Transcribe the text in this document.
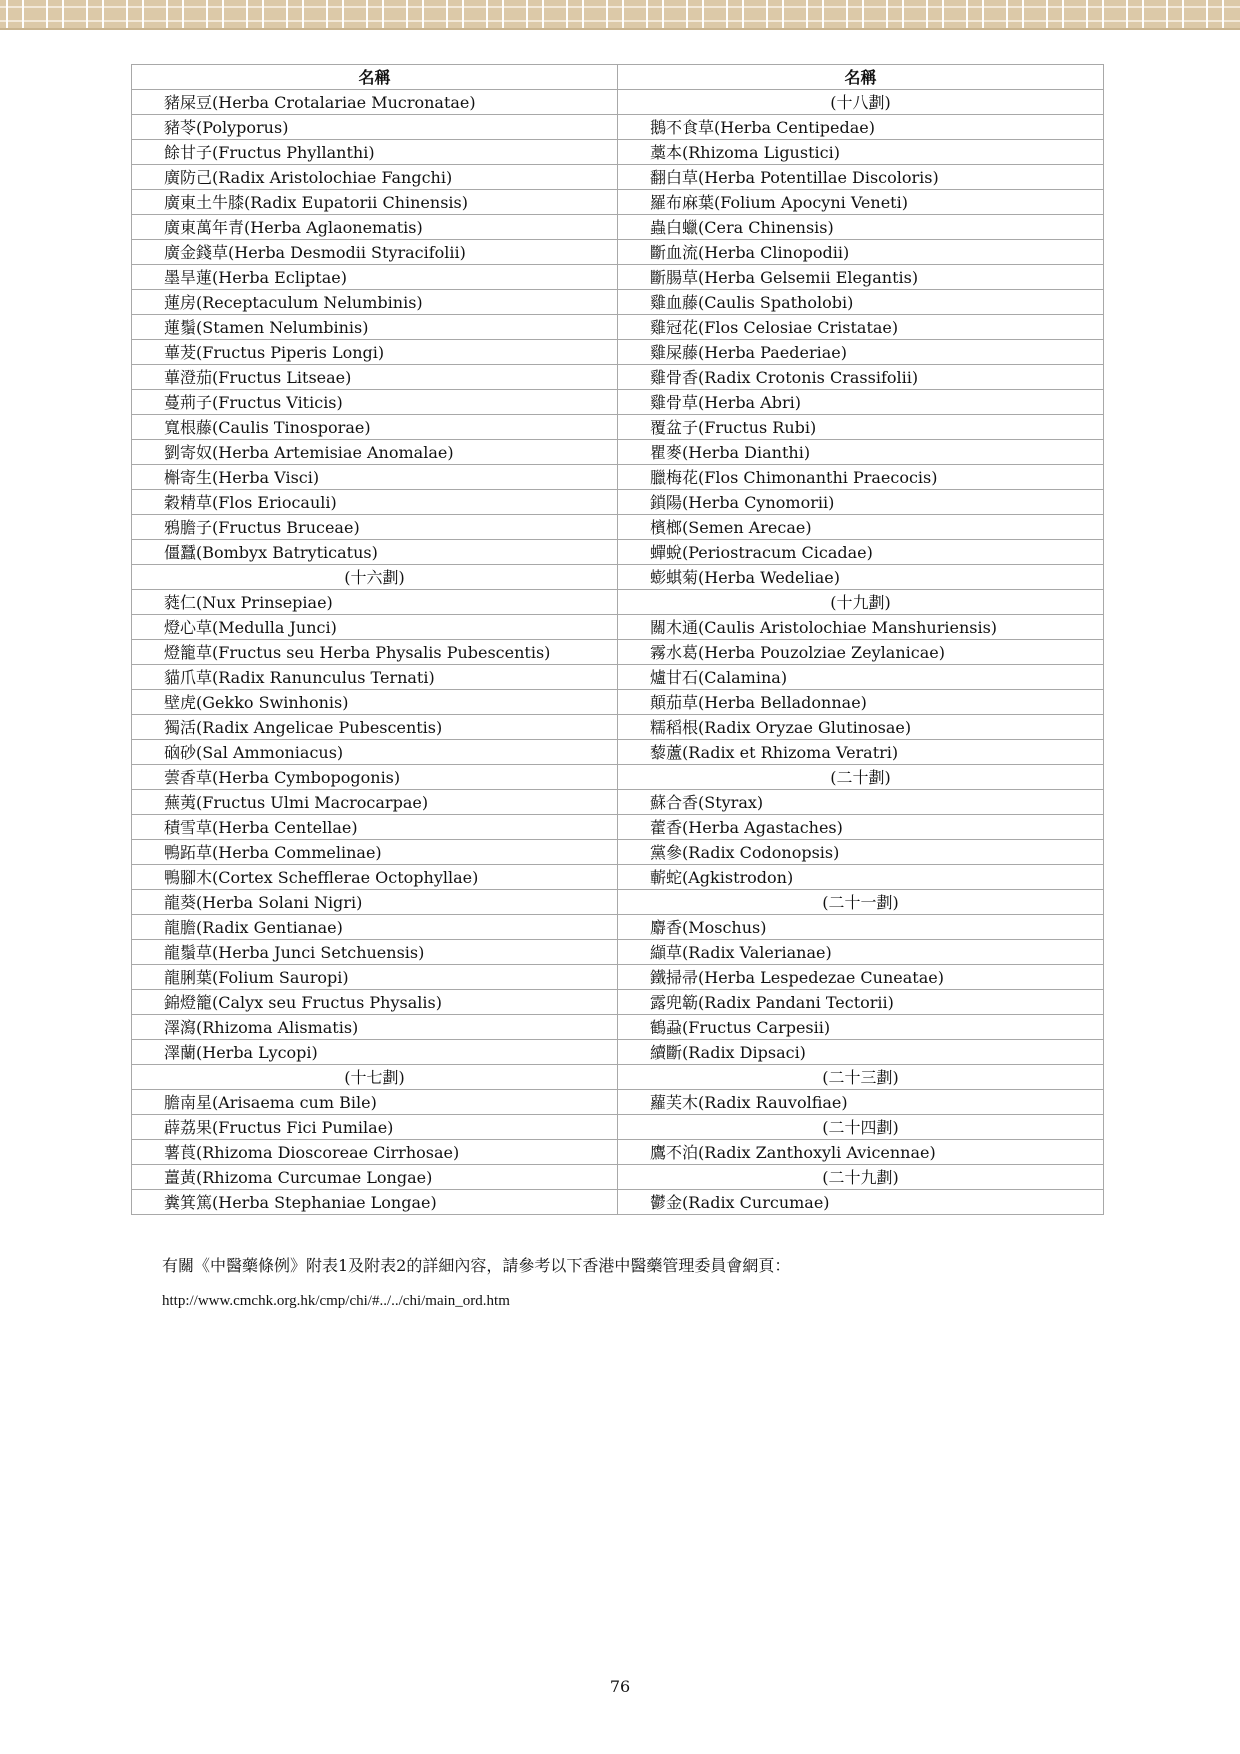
名稱	名稱
豬屎豆(Herba Crotalariae Mucronatae)	(十八劃)
豬苓(Polyporus)	鵝不食草(Herba Centipedae)
餘甘子(Fructus Phyllanthi)	藁本(Rhizoma Ligustici)
廣防己(Radix Aristolochiae Fangchi)	翻白草(Herba Potentillae Discoloris)
廣東土牛膝(Radix Eupatorii Chinensis)	羅布麻葉(Folium Apocyni Veneti)
廣東萬年青(Herba Aglaonematis)	蟲白蠟(Cera Chinensis)
廣金錢草(Herba Desmodii Styracifolii)	斷血流(Herba Clinopodii)
墨旱蓮(Herba Ecliptae)	斷腸草(Herba Gelsemii Elegantis)
蓮房(Receptaculum Nelumbinis)	雞血藤(Caulis Spatholobi)
蓮鬚(Stamen Nelumbinis)	雞冠花(Flos Celosiae Cristatae)
蓽茇(Fructus Piperis Longi)	雞屎藤(Herba Paederiae)
蓽澄茄(Fructus Litseae)	雞骨香(Radix Crotonis Crassifolii)
蔓荊子(Fructus Viticis)	雞骨草(Herba Abri)
寬根藤(Caulis Tinosporae)	覆盆子(Fructus Rubi)
劉寄奴(Herba Artemisiae Anomalae)	瞿麥(Herba Dianthi)
槲寄生(Herba Visci)	臘梅花(Flos Chimonanthi Praecocis)
穀精草(Flos Eriocauli)	鎖陽(Herba Cynomorii)
鴉膽子(Fructus Bruceae)	檳榔(Semen Arecae)
僵蠶(Bombyx Batryticatus)	蟬蛻(Periostracum Cicadae)
(十六劃)	蟛蜞菊(Herba Wedeliae)
蕤仁(Nux Prinsepiae)	(十九劃)
燈心草(Medulla Junci)	關木通(Caulis Aristolochiae Manshuriensis)
燈籠草(Fructus seu Herba Physalis Pubescentis)	霧水葛(Herba Pouzolziae Zeylanicae)
貓爪草(Radix Ranunculus Ternati)	爐甘石(Calamina)
壁虎(Gekko Swinhonis)	顛茄草(Herba Belladonnae)
獨活(Radix Angelicae Pubescentis)	糯稻根(Radix Oryzae Glutinosae)
硇砂(Sal Ammoniacus)	藜蘆(Radix et Rhizoma Veratri)
蕓香草(Herba Cymbopogonis)	(二十劃)
蕪荑(Fructus Ulmi Macrocarpae)	蘇合香(Styrax)
積雪草(Herba Centellae)	藿香(Herba Agastaches)
鴨跖草(Herba Commelinae)	黨參(Radix Codonopsis)
鴨腳木(Cortex Schefflerae Octophyllae)	蘄蛇(Agkistrodon)
龍葵(Herba Solani Nigri)	(二十一劃)
龍膽(Radix Gentianae)	麝香(Moschus)
龍鬚草(Herba Junci Setchuensis)	纈草(Radix Valerianae)
龍脷葉(Folium Sauropi)	鐵掃帚(Herba Lespedezae Cuneatae)
錦燈籠(Calyx seu Fructus Physalis)	露兜簕(Radix Pandani Tectorii)
澤瀉(Rhizoma Alismatis)	鶴蝨(Fructus Carpesii)
澤蘭(Herba Lycopi)	續斷(Radix Dipsaci)
(十七劃)	(二十三劃)
膽南星(Arisaema cum Bile)	蘿芙木(Radix Rauvolfiae)
薜荔果(Fructus Fici Pumilae)	(二十四劃)
薯莨(Rhizoma Dioscoreae Cirrhosae)	鷹不泊(Radix Zanthoxyli Avicennae)
薑黃(Rhizoma Curcumae Longae)	(二十九劃)
糞箕篤(Herba Stephaniae Longae)	鬱金(Radix Curcumae)
有關《中醫藥條例》附表1及附表2的詳細內容，請參考以下香港中醫藥管理委員會網頁：
http://www.cmchk.org.hk/cmp/chi/#../../chi/main_ord.htm
76
